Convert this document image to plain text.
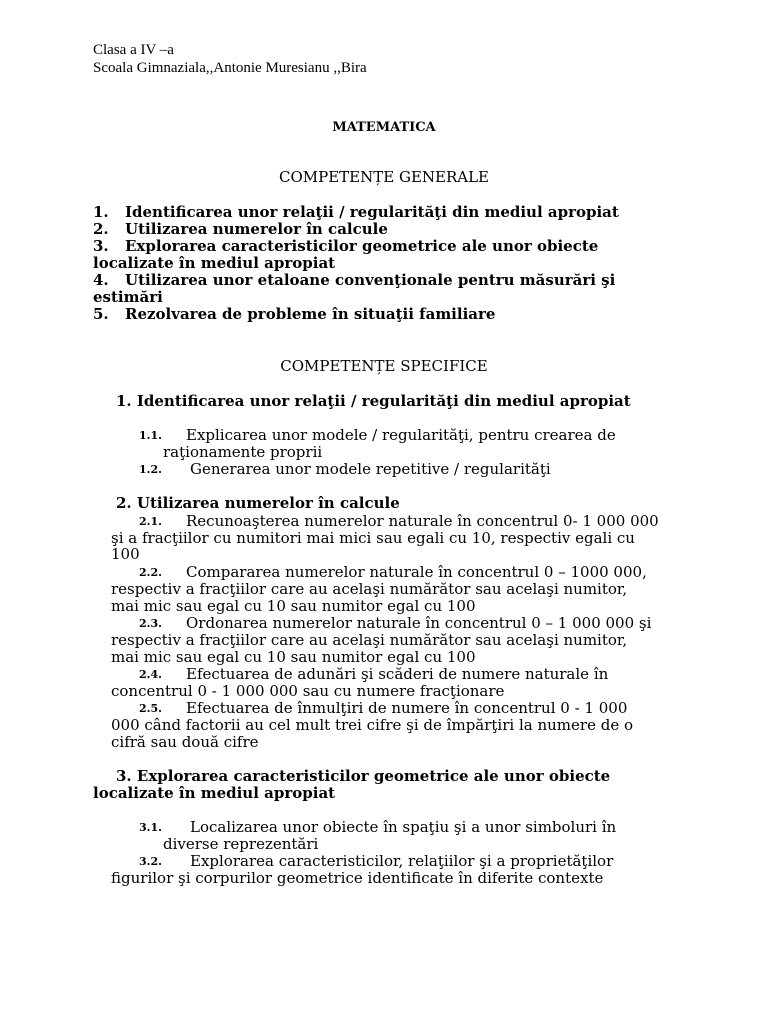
Clasa a IV –a
Scoala Gimnaziala,,Antonie Muresianu ,,Bira
MATEMATICA
COMPETENȚE GENERALE
1. Identificarea unor relaţii / regularităţi din mediul apropiat
2. Utilizarea numerelor în calcule
3. Explorarea caracteristicilor geometrice ale unor obiecte
localizate în mediul apropiat
4. Utilizarea unor etaloane convenţionale pentru măsurări şi
estimări
5. Rezolvarea de probleme în situaţii familiare
COMPETENȚE SPECIFICE
1. Identificarea unor relaţii / regularităţi din mediul apropiat
1.1. Explicarea unor modele / regularităţi, pentru crearea de
raţionamente proprii
1.2. Generarea unor modele repetitive / regularităţi
2. Utilizarea numerelor în calcule
2.1. Recunoaşterea numerelor naturale în concentrul 0- 1 000 000
şi a fracţiilor cu numitori mai mici sau egali cu 10, respectiv egali cu
100
2.2. Compararea numerelor naturale în concentrul 0 – 1000 000,
respectiv a fracţiilor care au acelaşi numărător sau acelaşi numitor,
mai mic sau egal cu 10 sau numitor egal cu 100
2.3. Ordonarea numerelor naturale în concentrul 0 – 1 000 000 şi
respectiv a fracţiilor care au acelaşi numărător sau acelaşi numitor,
mai mic sau egal cu 10 sau numitor egal cu 100
2.4. Efectuarea de adunări şi scăderi de numere naturale în
concentrul 0 - 1 000 000 sau cu numere fracţionare
2.5. Efectuarea de înmulţiri de numere în concentrul 0 - 1 000
000 când factorii au cel mult trei cifre şi de împărţiri la numere de o
cifră sau două cifre
3. Explorarea caracteristicilor geometrice ale unor obiecte
localizate în mediul apropiat
3.1. Localizarea unor obiecte în spaţiu şi a unor simboluri în
diverse reprezentări
3.2. Explorarea caracteristicilor, relaţiilor şi a proprietăţilor
figurilor şi corpurilor geometrice identificate în diferite contexte
